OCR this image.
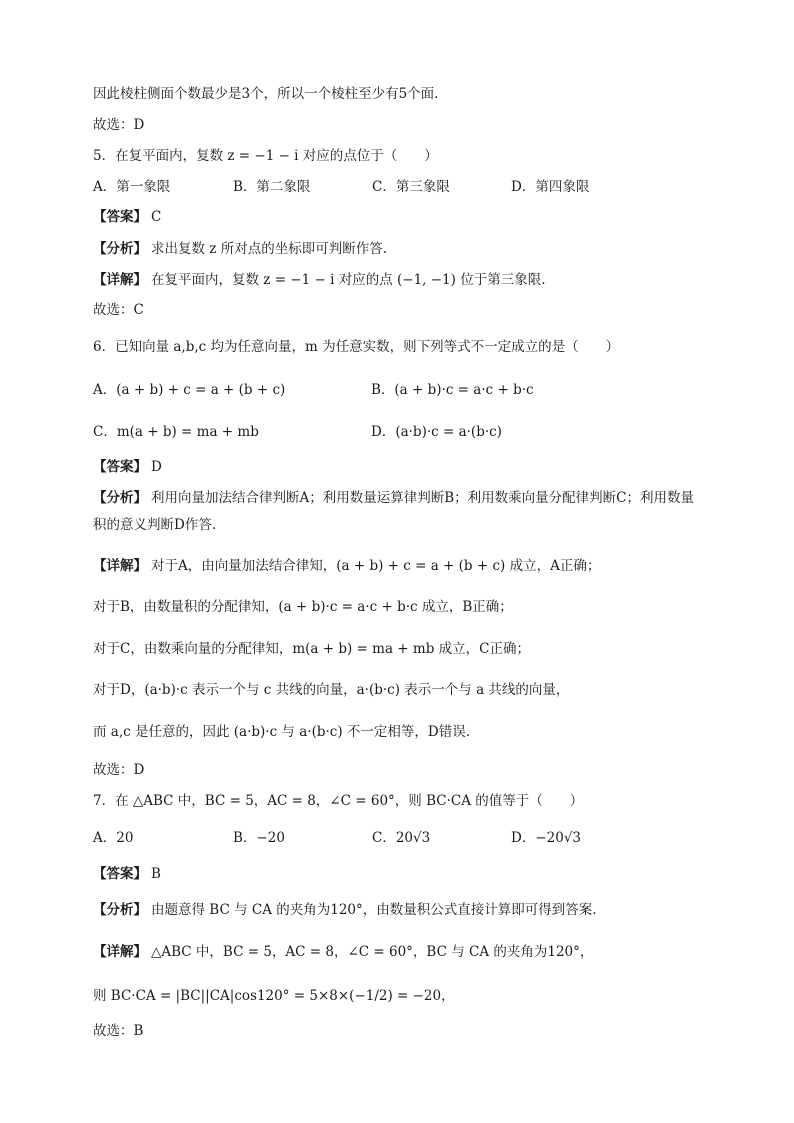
因此棱柱侧面个数最少是3个，所以一个棱柱至少有5个面.
故选：D
5．在复平面内，复数 z = −1 − i 对应的点位于（　　）
A．第一象限	B．第二象限	C．第三象限	D．第四象限
【答案】 C
【分析】 求出复数 z 所对点的坐标即可判断作答.
【详解】 在复平面内，复数 z = −1 − i 对应的点 (−1, −1) 位于第三象限.
故选：C
6．已知向量 a,b,c 均为任意向量，m 为任意实数，则下列等式不一定成立的是（　　）
A．(a + b) + c = a + (b + c)	B．(a + b)·c = a·c + b·c
C．m(a + b) = ma + mb	D．(a·b)·c = a·(b·c)
【答案】 D
【分析】 利用向量加法结合律判断A；利用数量运算律判断B；利用数乘向量分配律判断C；利用数量积的意义判断D作答.
【详解】 对于A，由向量加法结合律知，(a + b) + c = a + (b + c) 成立，A正确；
对于B，由数量积的分配律知，(a + b)·c = a·c + b·c 成立，B正确；
对于C，由数乘向量的分配律知，m(a + b) = ma + mb 成立，C正确；
对于D，(a·b)·c 表示一个与 c 共线的向量，a·(b·c) 表示一个与 a 共线的向量，
而 a,c 是任意的，因此 (a·b)·c 与 a·(b·c) 不一定相等，D错误.
故选：D
7．在 △ABC 中，BC = 5，AC = 8，∠C = 60°，则 BC·CA 的值等于（　　）
A．20	B．−20	C．20√3	D．−20√3
【答案】 B
【分析】 由题意得 BC 与 CA 的夹角为120°，由数量积公式直接计算即可得到答案.
【详解】 △ABC 中，BC = 5，AC = 8，∠C = 60°，BC 与 CA 的夹角为120°，
则 BC·CA = |BC||CA|cos120° = 5×8×(−1/2) = −20，
故选：B
